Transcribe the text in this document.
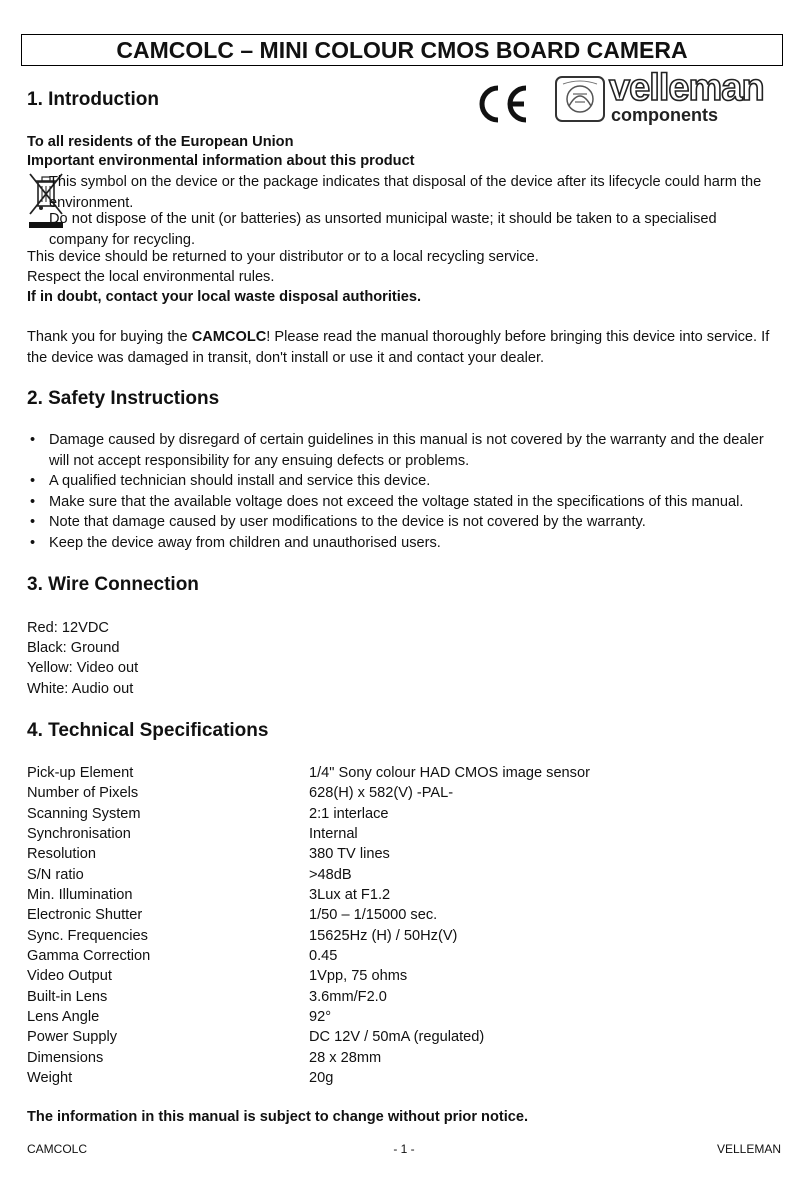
CAMCOLC – MINI COLOUR CMOS BOARD CAMERA
velleman
components
1. Introduction
To all residents of the European Union
Important environmental information about this product
This symbol on the device or the package indicates that disposal of the device after its lifecycle could harm the environment.
Do not dispose of the unit (or batteries) as unsorted municipal waste; it should be taken to a specialised company for recycling.
This device should be returned to your distributor or to a local recycling service.
Respect the local environmental rules.
If in doubt, contact your local waste disposal authorities.
Thank you for buying the CAMCOLC! Please read the manual thoroughly before bringing this device into service. If the device was damaged in transit, don't install or use it and contact your dealer.
2. Safety Instructions
• Damage caused by disregard of certain guidelines in this manual is not covered by the warranty and the dealer will not accept responsibility for any ensuing defects or problems.
• A qualified technician should install and service this device.
• Make sure that the available voltage does not exceed the voltage stated in the specifications of this manual.
• Note that damage caused by user modifications to the device is not covered by the warranty.
• Keep the device away from children and unauthorised users.
3. Wire Connection
Red: 12VDC
Black: Ground
Yellow: Video out
White: Audio out
4. Technical Specifications
Pick-up Element	1/4" Sony colour HAD CMOS image sensor
Number of Pixels	628(H) x 582(V) -PAL-
Scanning System	2:1 interlace
Synchronisation	Internal
Resolution	380 TV lines
S/N ratio	>48dB
Min. Illumination	3Lux at F1.2
Electronic Shutter	1/50 – 1/15000 sec.
Sync. Frequencies	15625Hz (H) / 50Hz(V)
Gamma Correction	0.45
Video Output	1Vpp, 75 ohms
Built-in Lens	3.6mm/F2.0
Lens Angle	92°
Power Supply	DC 12V / 50mA (regulated)
Dimensions	28 x 28mm
Weight	20g
The information in this manual is subject to change without prior notice.
CAMCOLC	- 1 -	VELLEMAN
